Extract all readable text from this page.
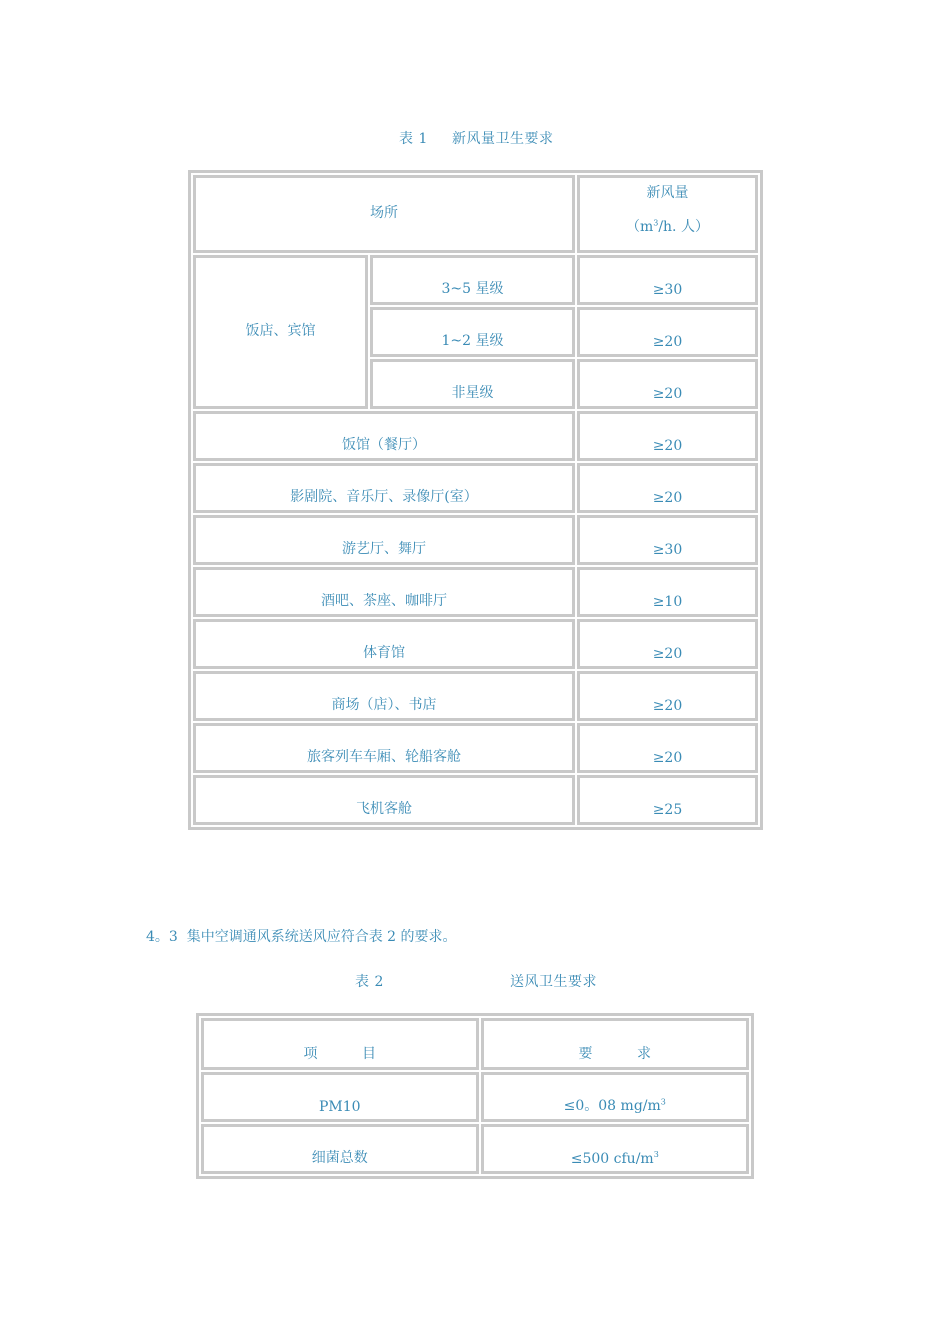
表 1 新风量卫生要求
场所		新风量
（$m^3/h$. 人）

饭店、宾馆	3~5 星级	≥30
	1~2 星级	≥20
	非星级	≥20
饭馆（餐厅）		≥20
影剧院、音乐厅、录像厅(室）		≥20
游艺厅、舞厅		≥30
酒吧、茶座、咖啡厅		≥10
体育馆		≥20
商场（店）、书店		≥20
旅客列车车厢、轮船客舱		≥20
飞机客舱		≥25
4。3  集中空调通风系统送风应符合表 2 的要求。
表 2	送风卫生要求
项          目	要          求
PM10	≤0。08 $mg/m^3$
细菌总数	≤500 cfu/$m^3$
